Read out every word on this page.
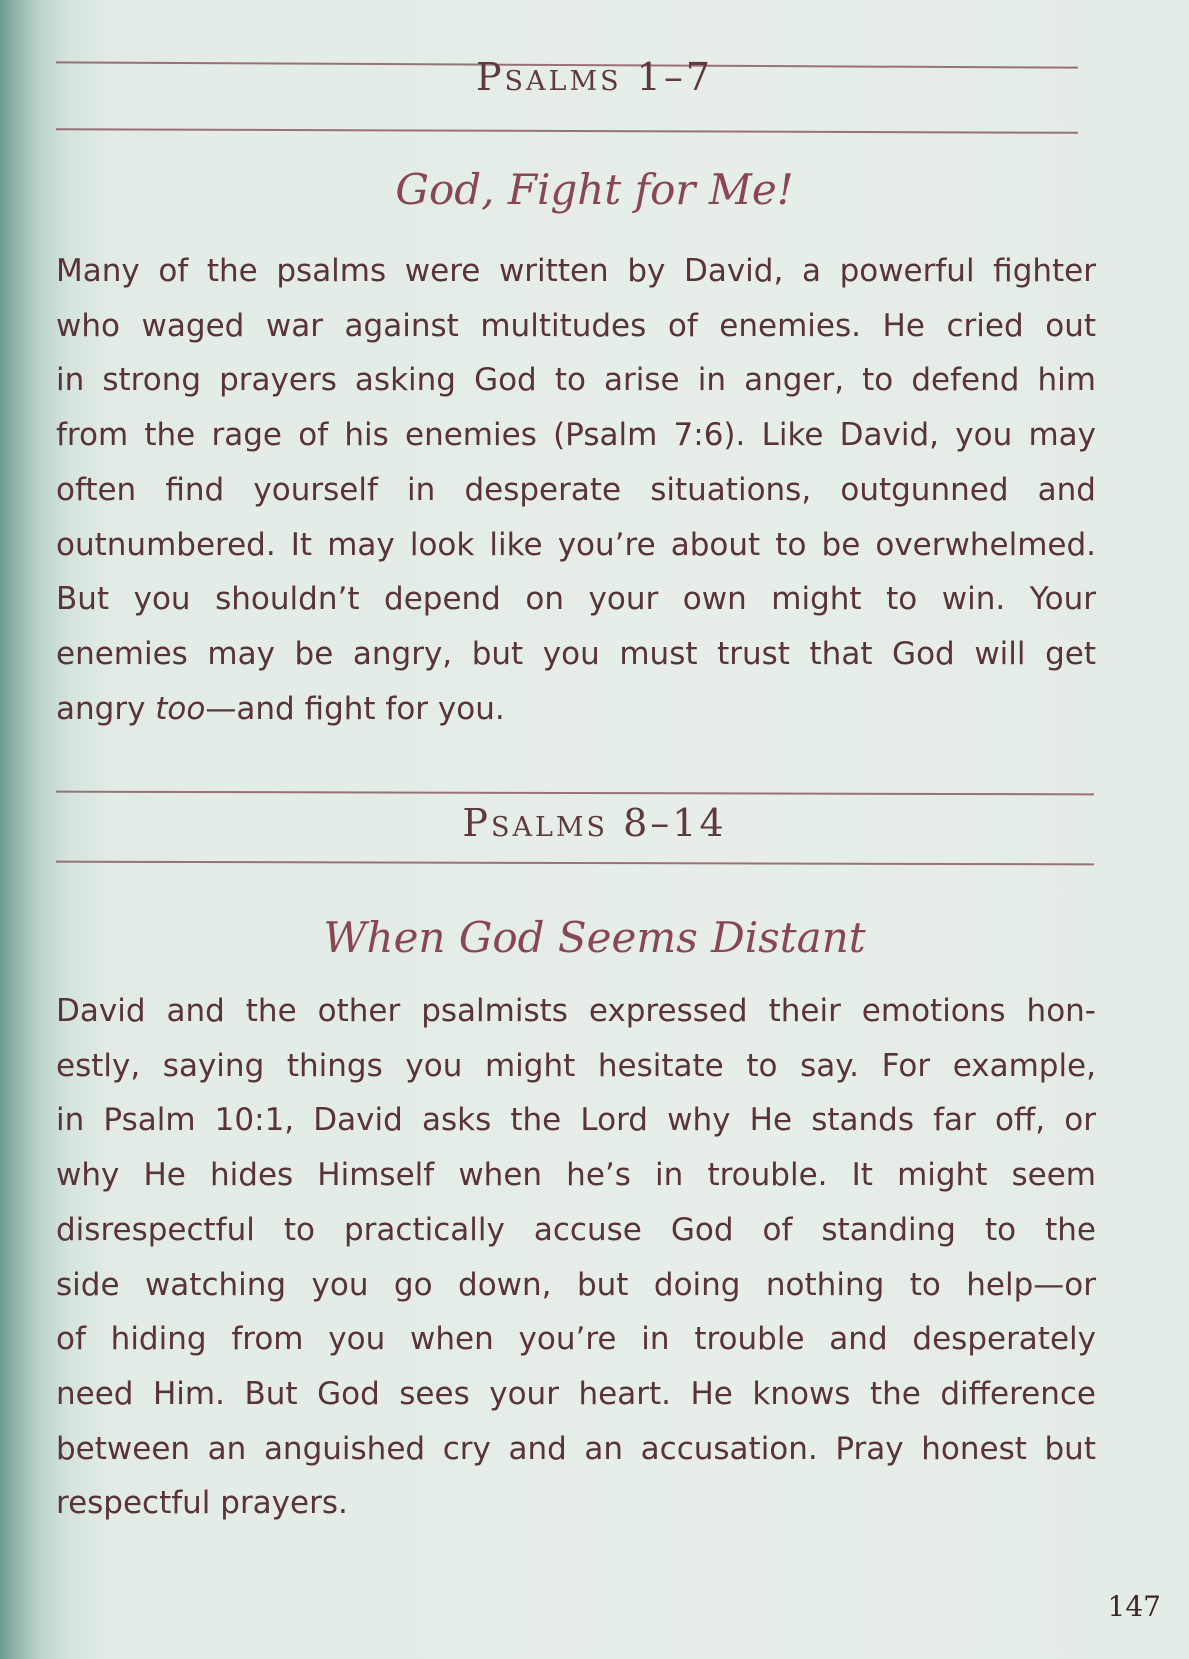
Psalms 1–7
God, Fight for Me!
Many of the psalms were written by David, a powerful fighter
who waged war against multitudes of enemies. He cried out
in strong prayers asking God to arise in anger, to defend him
from the rage of his enemies (Psalm 7:6). Like David, you may
often find yourself in desperate situations, outgunned and
outnumbered. It may look like you’re about to be overwhelmed.
But you shouldn’t depend on your own might to win. Your
enemies may be angry, but you must trust that God will get
angry too—and fight for you.
Psalms 8–14
When God Seems Distant
David and the other psalmists expressed their emotions hon-
estly, saying things you might hesitate to say. For example,
in Psalm 10:1, David asks the Lord why He stands far off, or
why He hides Himself when he’s in trouble. It might seem
disrespectful to practically accuse God of standing to the
side watching you go down, but doing nothing to help—or
of hiding from you when you’re in trouble and desperately
need Him. But God sees your heart. He knows the difference
between an anguished cry and an accusation. Pray honest but
respectful prayers.
147
